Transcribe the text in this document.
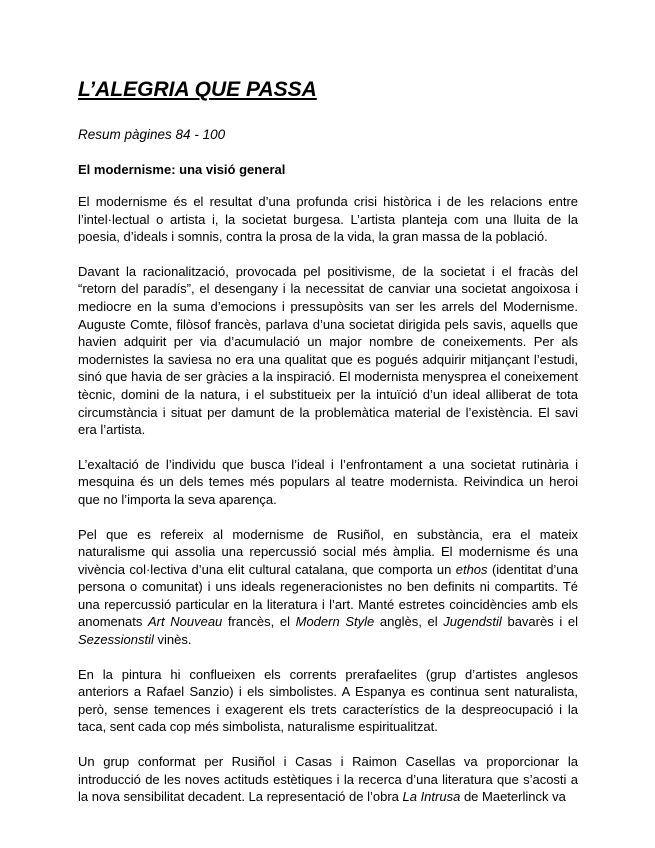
L’ALEGRIA QUE PASSA

Resum pàgines 84 - 100

El modernisme: una visió general

El modernisme és el resultat d’una profunda crisi històrica i de les relacions entre l’intel·lectual o artista i, la societat burgesa. L’artista planteja com una lluita de la poesia, d’ideals i somnis, contra la prosa de la vida, la gran massa de la població.

Davant la racionalització, provocada pel positivisme, de la societat i el fracàs del “retorn del paradís”, el desengany i la necessitat de canviar una societat angoixosa i mediocre en la suma d’emocions i pressupòsits van ser les arrels del Modernisme. Auguste Comte, filòsof francès, parlava d’una societat dirigida pels savis, aquells que havien adquirit per via d’acumulació un major nombre de coneixements. Per als modernistes la saviesa no era una qualitat que es pogués adquirir mitjançant l’estudi, sinó que havia de ser gràcies a la inspiració. El modernista menyspreа el coneixement tècnic, domini de la natura, i el substitueix per la intuïció d’un ideal alliberat de tota circumstància i situat per damunt de la problemàtica material de l’existència. El savi era l’artista.

L’exaltació de l’individu que busca l’ideal i l’enfrontament a una societat rutinària i mesquina és un dels temes més populars al teatre modernista. Reivindica un heroi que no l’importa la seva aparença.

Pel que es refereix al modernisme de Rusiñol, en substància, era el mateix naturalisme qui assolia una repercussió social més àmplia. El modernisme és una vivència col·lectiva d’una elit cultural catalana, que comporta un ethos (identitat d’una persona o comunitat) i uns ideals regeneracionistes no ben definits ni compartits. Té una repercussió particular en la literatura i l’art. Manté estretes coincidències amb els anomenats Art Nouveau francès, el Modern Style anglès, el Jugendstil bavarès i el Sezessionstil vinès.

En la pintura hi conflueixen els corrents prerafaelites (grup d’artistes anglesos anteriors a Rafael Sanzio) i els simbolistes. A Espanya es continua sent naturalista, però, sense temences i exagerent els trets característics de la despreocupació i la taca, sent cada cop més simbolista, naturalisme espiritualitzat.

Un grup conformat per Rusiñol i Casas i Raimon Casellas va proporcionar la introducció de les noves actituds estètiques i la recerca d’una literatura que s’acosti a la nova sensibilitat decadent. La representació de l’obra La Intrusa de Maeterlinck va
